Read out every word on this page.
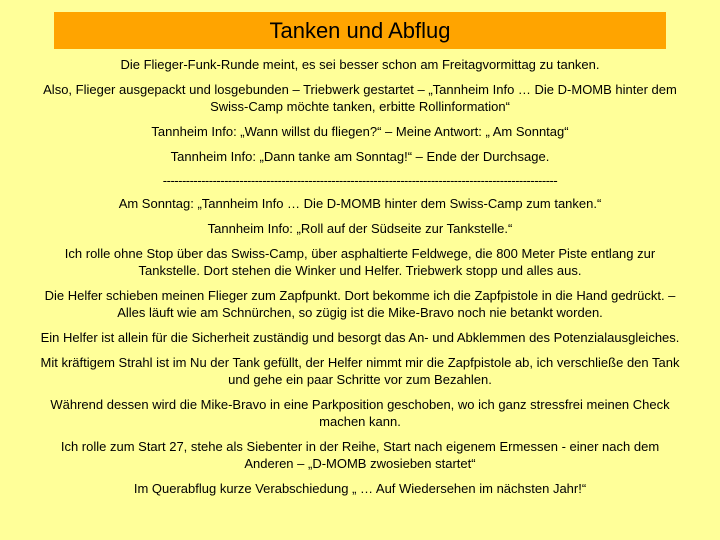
Tanken und Abflug

Die Flieger-Funk-Runde meint, es sei besser schon am Freitagvormittag zu tanken.

Also, Flieger ausgepackt und losgebunden – Triebwerk gestartet – „Tannheim Info … Die D-MOMB hinter dem Swiss-Camp möchte tanken, erbitte Rollinformation“

Tannheim Info: „Wann willst du fliegen?“ – Meine Antwort: „ Am Sonntag“

Tannheim Info: „Dann tanke am Sonntag!“ – Ende der Durchsage.

-------------------------------------------------------------------------------------------------------

Am Sonntag: „Tannheim Info … Die D-MOMB hinter dem Swiss-Camp zum tanken.“

Tannheim Info: „Roll auf der Südseite zur Tankstelle.“

Ich rolle ohne Stop über das Swiss-Camp, über asphaltierte Feldwege, die 800 Meter Piste entlang zur Tankstelle. Dort stehen die Winker und Helfer. Triebwerk stopp und alles aus.

Die Helfer schieben meinen Flieger zum Zapfpunkt. Dort bekomme ich die Zapfpistole in die Hand gedrückt. – Alles läuft wie am Schnürchen, so zügig ist die Mike-Bravo noch nie betankt worden.

Ein Helfer ist allein für die Sicherheit zuständig und besorgt das An- und Abklemmen des Potenzialausgleiches.

Mit kräftigem Strahl ist im Nu der Tank gefüllt, der Helfer nimmt mir die Zapfpistole ab, ich verschließe den Tank und gehe ein paar Schritte vor zum Bezahlen.

Während dessen wird die Mike-Bravo in eine Parkposition geschoben, wo ich ganz stressfrei meinen Check machen kann.

Ich rolle zum Start 27, stehe als Siebenter in der Reihe, Start nach eigenem Ermessen - einer nach dem Anderen – „D-MOMB zwosieben startet“

Im Querabflug kurze Verabschiedung „ … Auf Wiedersehen im nächsten Jahr!“
